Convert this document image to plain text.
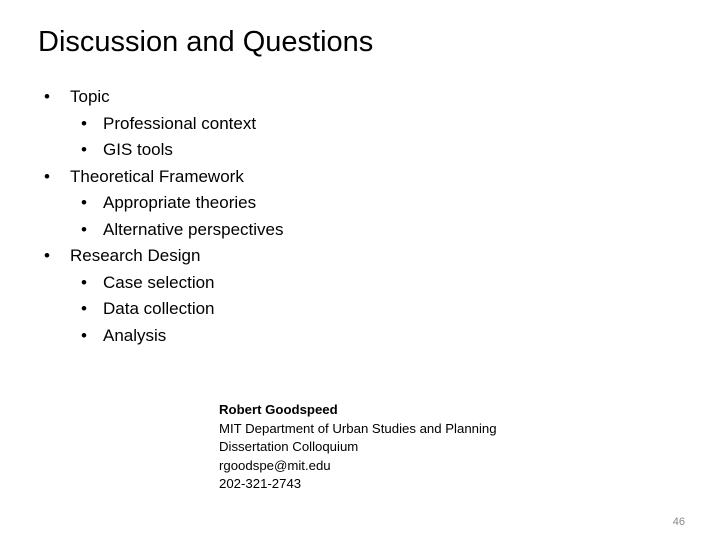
Discussion and Questions
• Topic
• Professional context
• GIS tools
• Theoretical Framework
• Appropriate theories
• Alternative perspectives
• Research Design
• Case selection
• Data collection
• Analysis
Robert Goodspeed
MIT Department of Urban Studies and Planning
Dissertation Colloquium
rgoodspe@mit.edu
202-321-2743
46
